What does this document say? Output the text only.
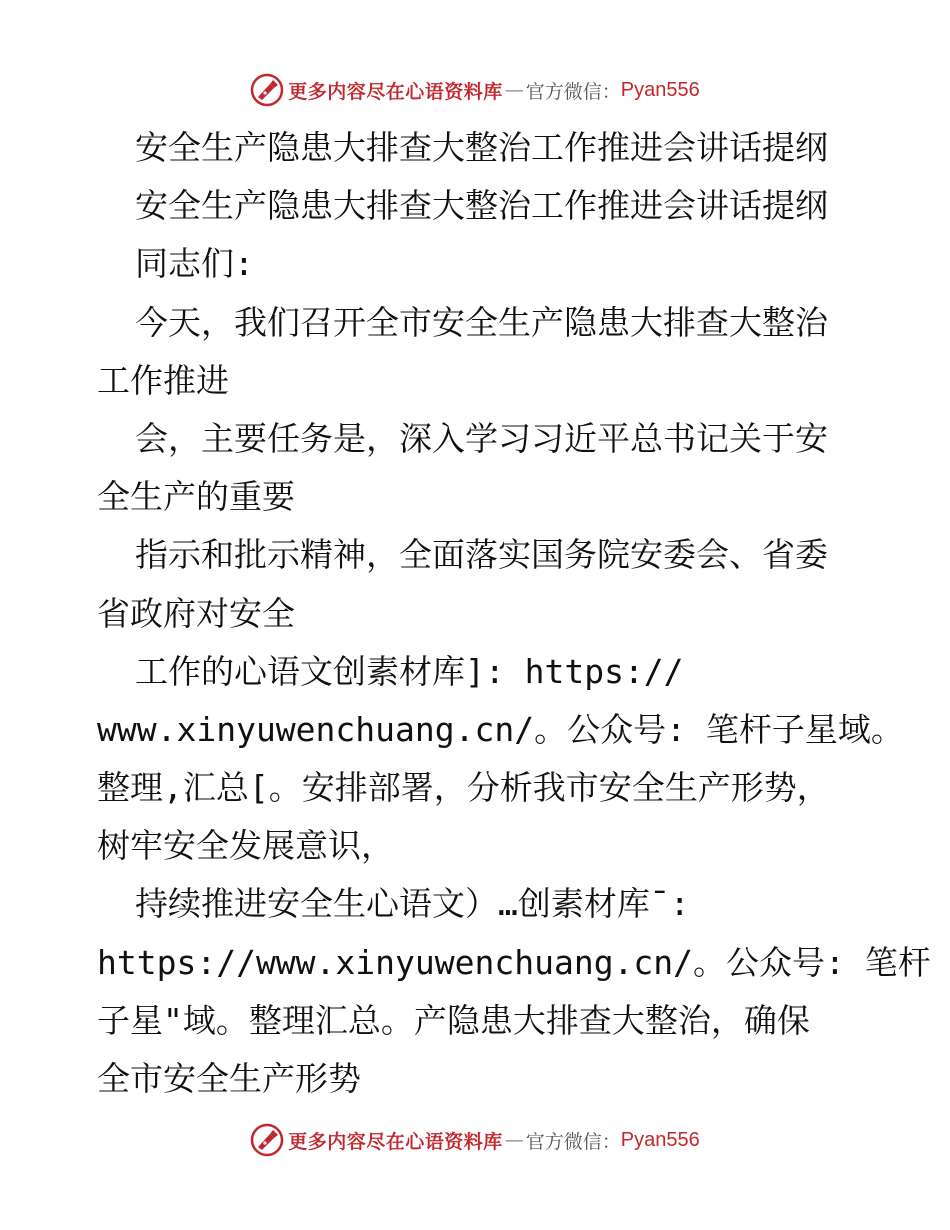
更多内容尽在心语资料库 — 官方微信： Pyan556
安全生产隐患大排查大整治工作推进会讲话提纲
安全生产隐患大排查大整治工作推进会讲话提纲
同志们:
今天，我们召开全市安全生产隐患大排查大整治
工作推进
会，主要任务是，深入学习习近平总书记关于安
全生产的重要
指示和批示精神，全面落实国务院安委会、省委
省政府对安全
工作的心语文创素材库]: https://
www.xinyuwenchuang.cn/。公众号: 笔杆子星域。
整理,汇总[。安排部署，分析我市安全生产形势，
树牢安全发展意识，
持续推进安全生心语文）…创素材库¯:
https://www.xinyuwenchuang.cn/。公众号: 笔杆
子星"域。整理汇总。产隐患大排查大整治，确保
全市安全生产形势
更多内容尽在心语资料库 — 官方微信： Pyan556
